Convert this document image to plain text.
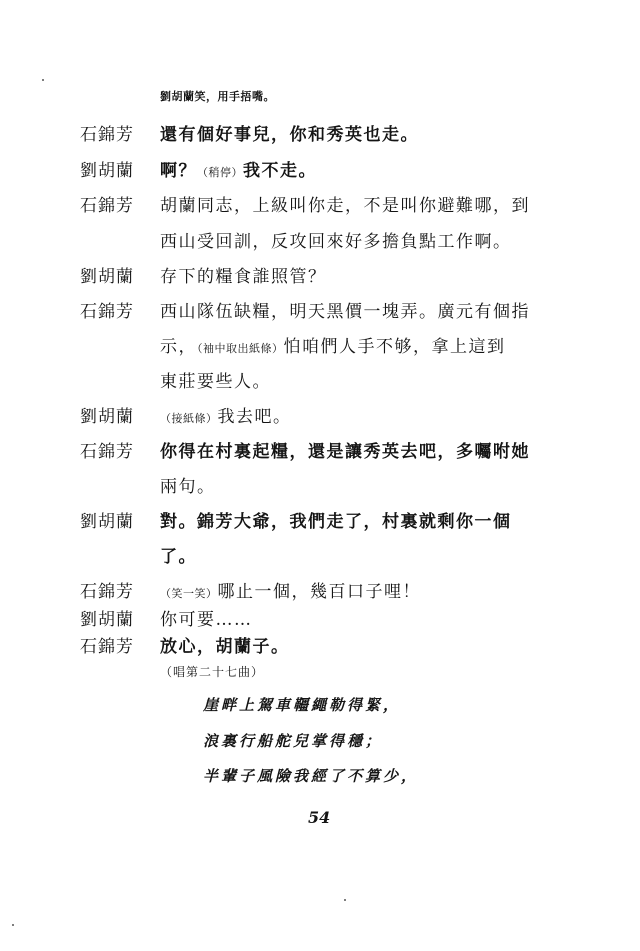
劉胡蘭笑，用手捂嘴。
石錦芳	還有個好事兒，你和秀英也走。
劉胡蘭	啊？（稍停）我不走。
石錦芳	胡蘭同志，上級叫你走，不是叫你避難哪，到
西山受回訓，反攻回來好多擔負點工作啊。
劉胡蘭	存下的糧食誰照管？
石錦芳	西山隊伍缺糧，明天黑價一塊弄。廣元有個指
示，（袖中取出紙條）怕咱們人手不够，拿上這到
東莊要些人。
劉胡蘭	（接紙條）我去吧。
石錦芳	你得在村裏起糧，還是讓秀英去吧，多囑咐她
兩句。
劉胡蘭	對。錦芳大爺，我們走了，村裏就剩你一個
了。
石錦芳	（笑一笑）哪止一個，幾百口子哩！
劉胡蘭	你可要……
石錦芳	放心，胡蘭子。
（唱第二十七曲）
崖畔上駕車韁繩勒得緊，
浪裏行船舵兒掌得穩；
半輩子風險我經了不算少，
54
